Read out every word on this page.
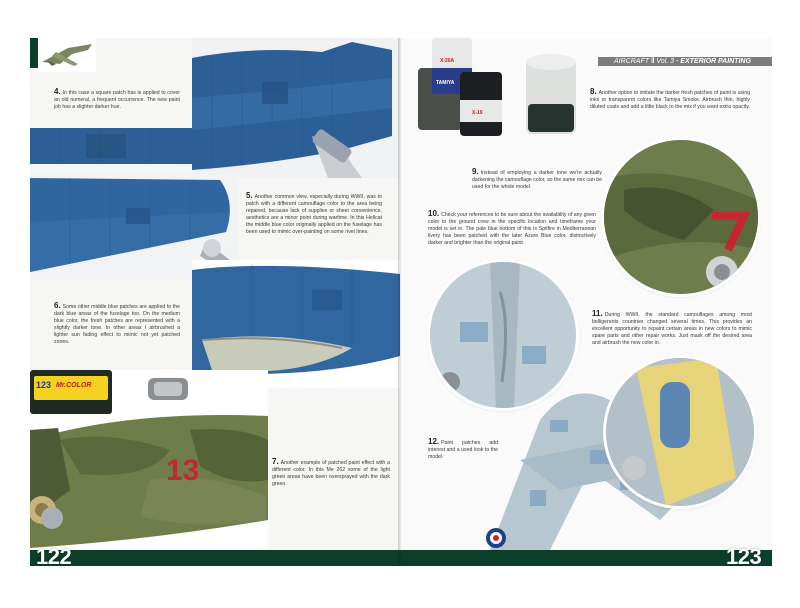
123 Mr.COLOR
13
4. In this case a square patch has is applied to cover an old numeral, a frequent occurrence. The new paint job has a slighter darker hue.
5. Another common view, especially during WWII, was to patch with a different camouflage color to the area being repaired, because lack of supplies or sheer convenience, aesthetics are a minor point during wartime. In this Hellcat the middle blue color originally applied on the fuselage has been used to mimic over-painting on some rivet lines.
6. Some other middle blue patches are applied to the dark blue areas of the fuselage too. On the medium blue color, the fresh patches are represented with a slightly darker tone. In other areas I airbrushed a lighter sun fading effect to mimic not yet patched zones.
7. Another example of patched paint effect with a different color. In this Me 262 some of the light green areas have been oversprayed with the dark green.
X-20A
TAMIYA
X-19
AIRCRAFT ‖ Vol. 3 - EXTERIOR PAINTING
8. Another option to imitate the darker fresh patches of paint is using inks or transparent colors like Tamiya Smoke. Airbrush thin, highly diluted coats and add a little black to the mix if you want extra opacity.
9. Instead of employing a darker tone we're actually darkening the camouflage color, so the same mix can be used for the whole model.
10. Check your references to be sure about the availability of any given color to the ground crew in the specific location and timeframe your model is set in. The pale blue bottom of this is Spitfire in Mediterranean livery has been patched with the later Azure Blue color, distinctively darker and brighter than the original paint.
11. During WWII, the standard camouflages among most belligerents countries changed several times. This provides an excellent opportunity to repaint certain areas in new colors to mimic spare parts and other repair works. Just mask off the desired area and airbrush the new color in.
12. Paint patches add interest and a used look to the model.
122	123
